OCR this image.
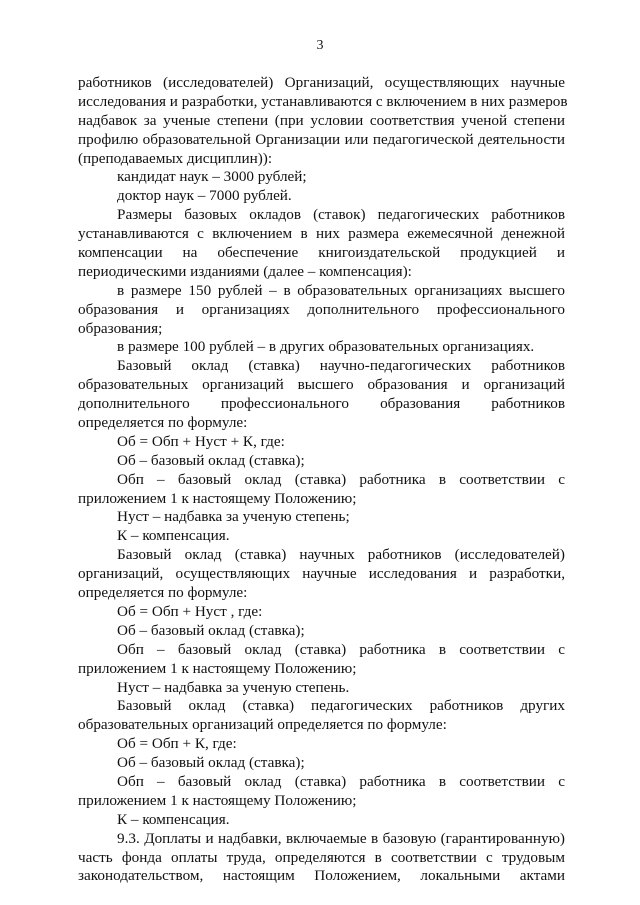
3
работников (исследователей) Организаций, осуществляющих научные
исследования и разработки, устанавливаются с включением в них размеров
надбавок за ученые степени (при условии соответствия ученой степени
профилю образовательной Организации или педагогической деятельности
(преподаваемых дисциплин)):
кандидат наук – 3000 рублей;
доктор наук – 7000 рублей.
Размеры базовых окладов (ставок) педагогических работников
устанавливаются с включением в них размера ежемесячной денежной
компенсации на обеспечение книгоиздательской продукцией и
периодическими изданиями (далее – компенсация):
в размере 150 рублей – в образовательных организациях высшего
образования и организациях дополнительного профессионального
образования;
в размере 100 рублей – в других образовательных организациях.
Базовый оклад (ставка) научно-педагогических работников
образовательных организаций высшего образования и организаций
дополнительного профессионального образования работников
определяется по формуле:
Об = Обп + Нуст + К, где:
Об – базовый оклад (ставка);
Обп – базовый оклад (ставка) работника в соответствии с
приложением 1 к настоящему Положению;
Нуст – надбавка за ученую степень;
К – компенсация.
Базовый оклад (ставка) научных работников (исследователей)
организаций, осуществляющих научные исследования и разработки,
определяется по формуле:
Об = Обп + Нуст , где:
Об – базовый оклад (ставка);
Обп – базовый оклад (ставка) работника в соответствии с
приложением 1 к настоящему Положению;
Нуст – надбавка за ученую степень.
Базовый оклад (ставка) педагогических работников других
образовательных организаций определяется по формуле:
Об = Обп + К, где:
Об – базовый оклад (ставка);
Обп – базовый оклад (ставка) работника в соответствии с
приложением 1 к настоящему Положению;
К – компенсация.
9.3. Доплаты и надбавки, включаемые в базовую (гарантированную)
часть фонда оплаты труда, определяются в соответствии с трудовым
законодательством, настоящим Положением, локальными актами
